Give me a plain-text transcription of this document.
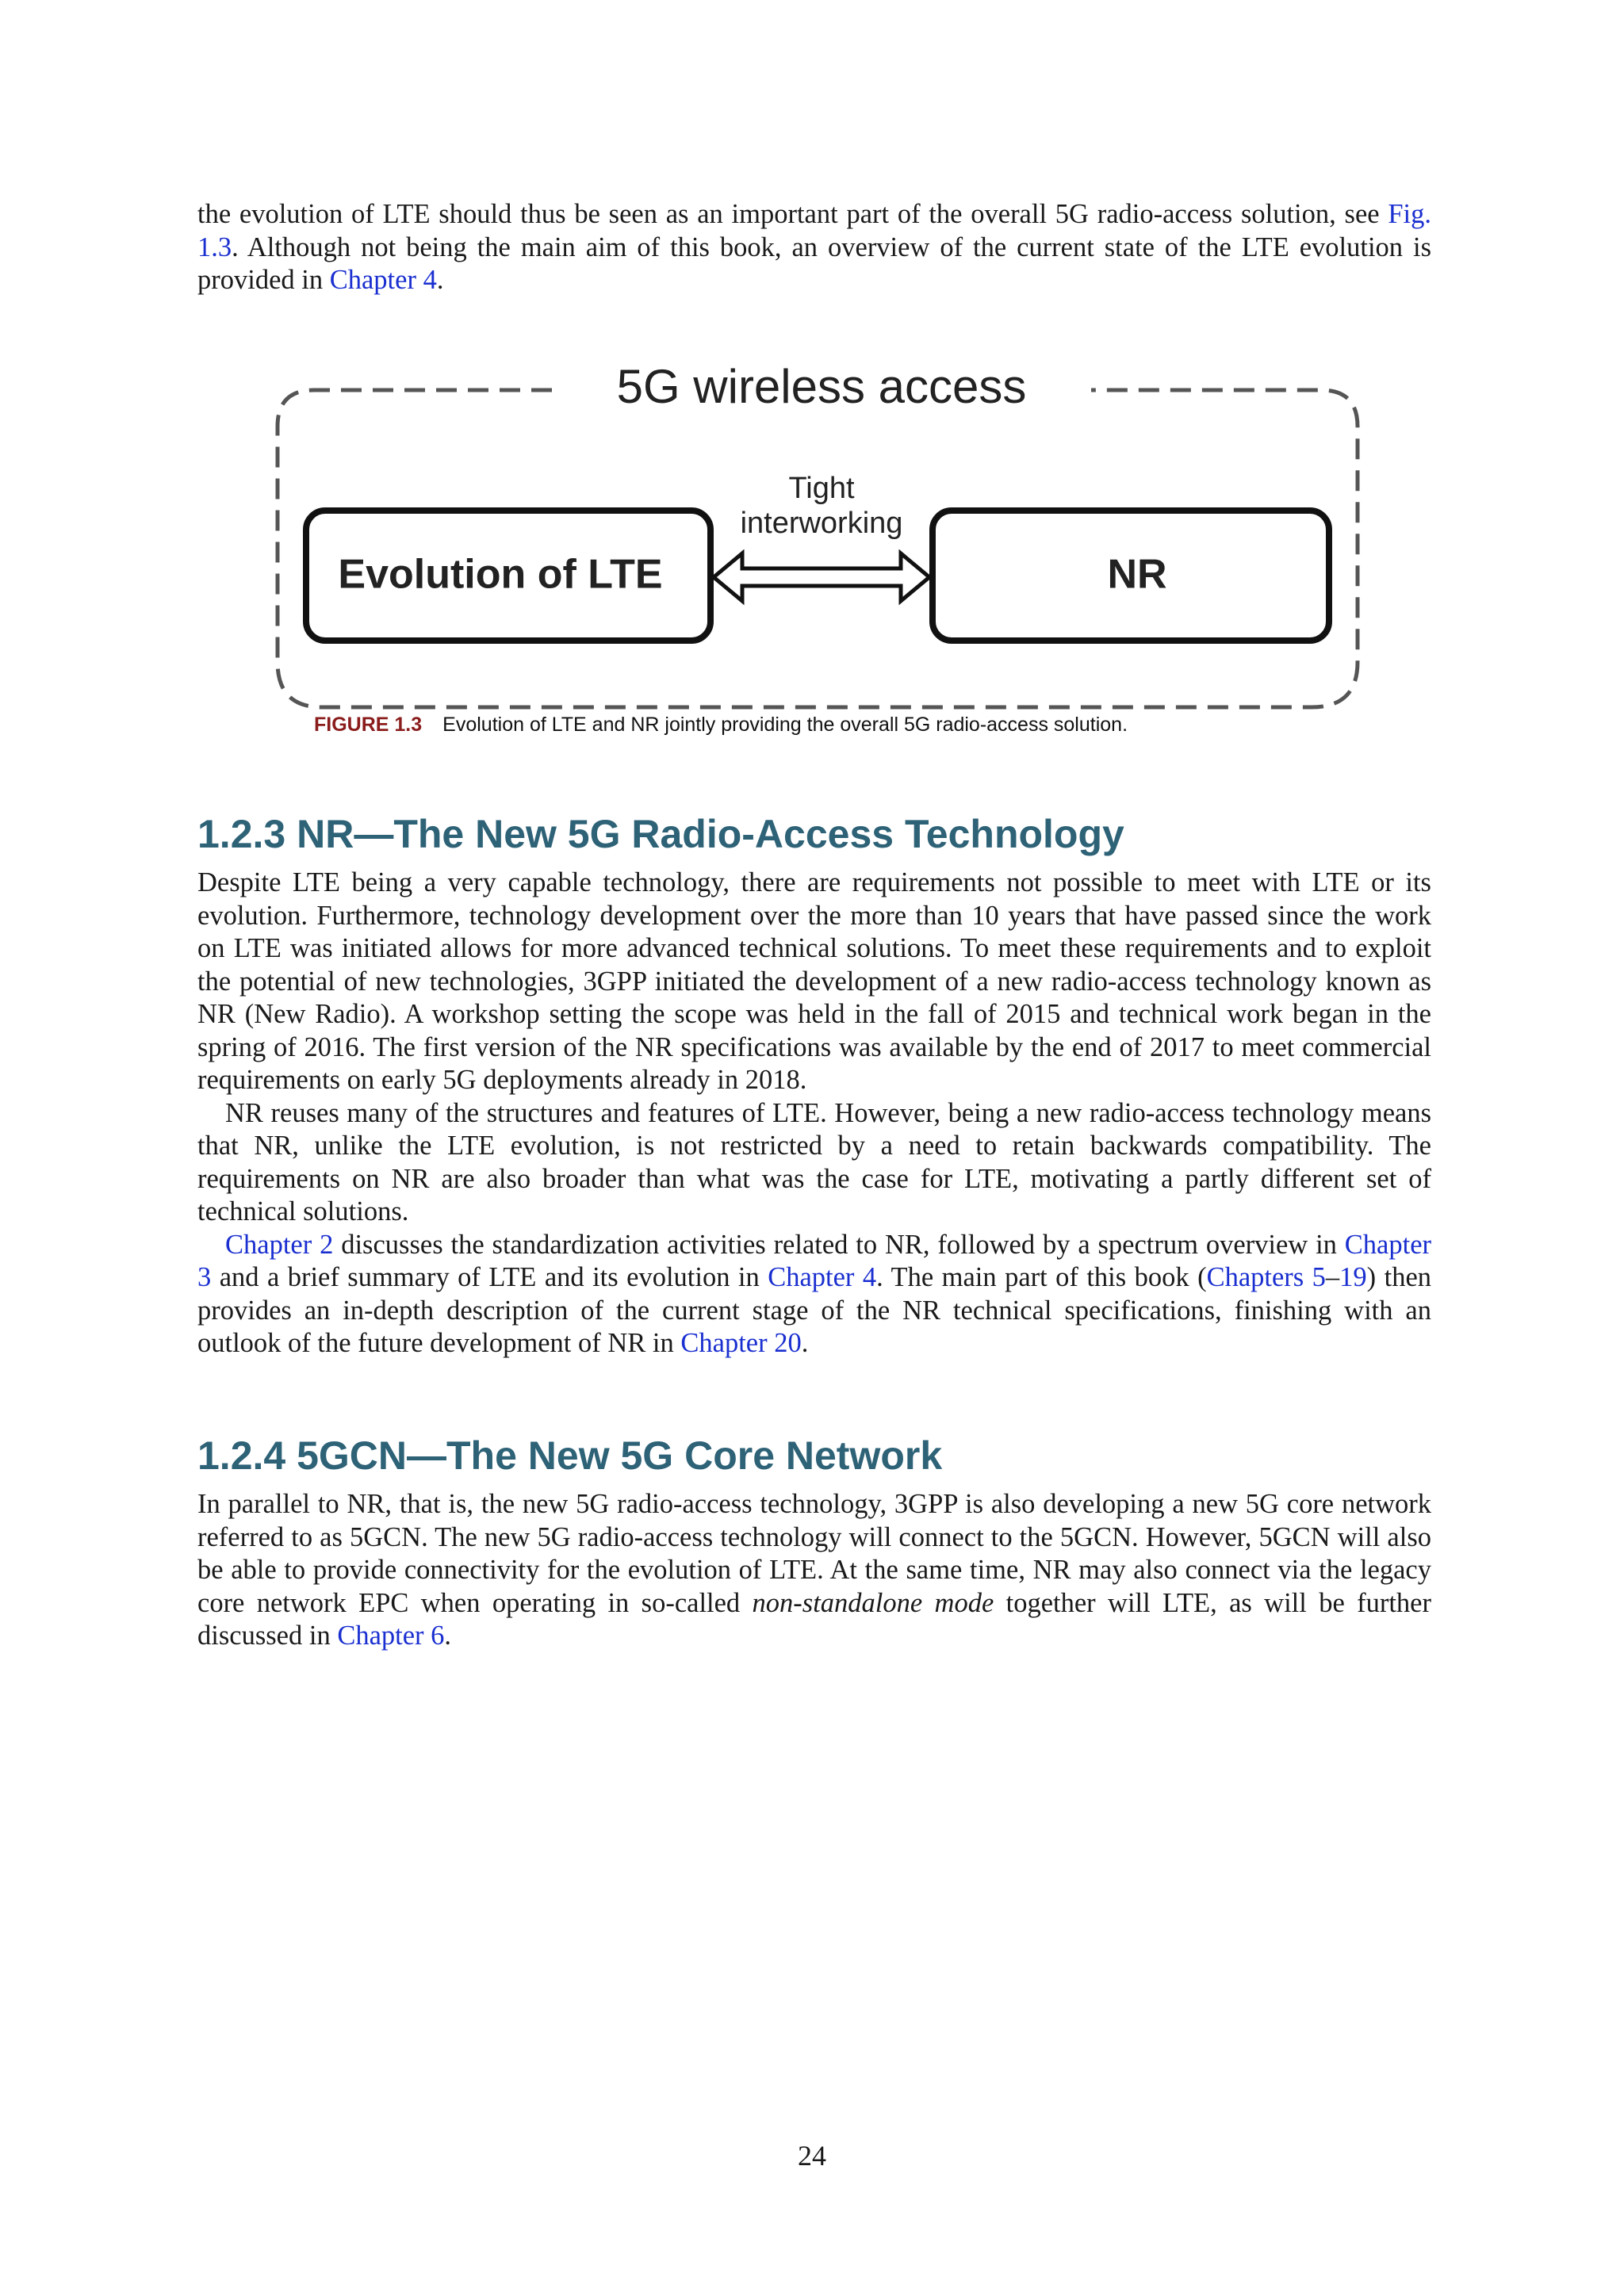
the evolution of LTE should thus be seen as an important part of the overall 5G radio-access solution, see Fig. 1.3. Although not being the main aim of this book, an overview of the current state of the LTE evolution is provided in Chapter 4.

5G wireless access
Evolution of LTE	NR
Tight
interworking
FIGURE 1.3 Evolution of LTE and NR jointly providing the overall 5G radio-access solution.
1.2.3 NR—The New 5G Radio-Access Technology

Despite LTE being a very capable technology, there are requirements not possible to meet with LTE or its evolution. Furthermore, technology development over the more than 10 years that have passed since the work on LTE was initiated allows for more advanced technical solutions. To meet these requirements and to exploit the potential of new technologies, 3GPP initiated the development of a new radio-access technology known as NR (New Radio). A workshop setting the scope was held in the fall of 2015 and technical work began in the spring of 2016. The first version of the NR specifications was available by the end of 2017 to meet commercial requirements on early 5G deployments already in 2018.

NR reuses many of the structures and features of LTE. However, being a new radio-access technology means that NR, unlike the LTE evolution, is not restricted by a need to retain backwards compatibility. The requirements on NR are also broader than what was the case for LTE, motivating a partly different set of technical solutions.

Chapter 2 discusses the standardization activities related to NR, followed by a spectrum overview in Chapter 3 and a brief summary of LTE and its evolution in Chapter 4. The main part of this book (Chapters 5–19) then provides an in-depth description of the current stage of the NR technical specifications, finishing with an outlook of the future development of NR in Chapter 20.

1.2.4 5GCN—The New 5G Core Network

In parallel to NR, that is, the new 5G radio-access technology, 3GPP is also developing a new 5G core network referred to as 5GCN. The new 5G radio-access technology will connect to the 5GCN. However, 5GCN will also be able to provide connectivity for the evolution of LTE. At the same time, NR may also connect via the legacy core network EPC when operating in so-called non-standalone mode together will LTE, as will be further discussed in Chapter 6.

24
